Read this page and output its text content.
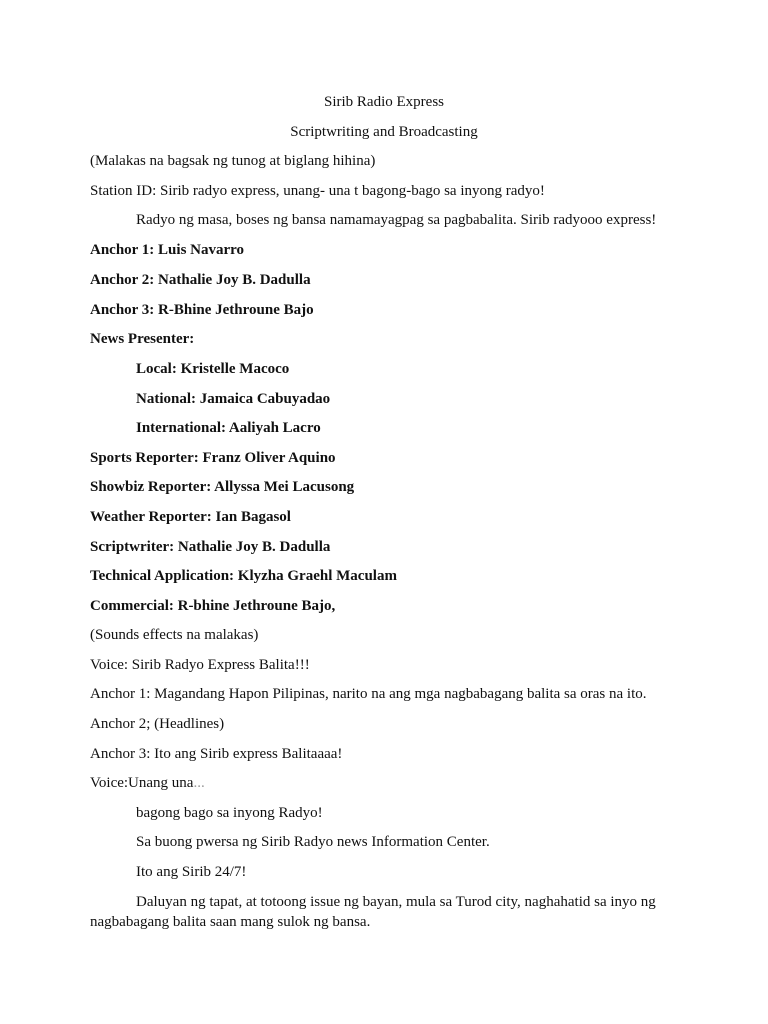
Sirib Radio Express
Scriptwriting and Broadcasting
(Malakas na bagsak ng tunog at biglang hihina)
Station ID: Sirib radyo express, unang- una t bagong-bago sa inyong radyo!
Radyo ng masa, boses ng bansa namamayagpag sa pagbabalita. Sirib radyooo express!
Anchor 1: Luis Navarro
Anchor 2: Nathalie Joy B. Dadulla
Anchor 3: R-Bhine Jethroune Bajo
News Presenter:
Local: Kristelle Macoco
National: Jamaica Cabuyadao
International: Aaliyah Lacro
Sports Reporter: Franz Oliver Aquino
Showbiz Reporter: Allyssa Mei Lacusong
Weather Reporter: Ian Bagasol
Scriptwriter: Nathalie Joy B. Dadulla
Technical Application: Klyzha Graehl Maculam
Commercial: R-bhine Jethroune Bajo,
(Sounds effects na malakas)
Voice: Sirib Radyo Express Balita!!!
Anchor 1: Magandang Hapon Pilipinas, narito na ang mga nagbabagang balita sa oras na ito.
Anchor 2; (Headlines)
Anchor 3: Ito ang Sirib express Balitaaaa!
Voice:Unang una...
bagong bago sa inyong Radyo!
Sa buong pwersa ng Sirib Radyo news Information Center.
Ito ang Sirib 24/7!
Daluyan ng tapat, at totoong issue ng bayan, mula sa Turod city, naghahatid sa inyo ng
nagbabagang balita saan mang sulok ng bansa.
